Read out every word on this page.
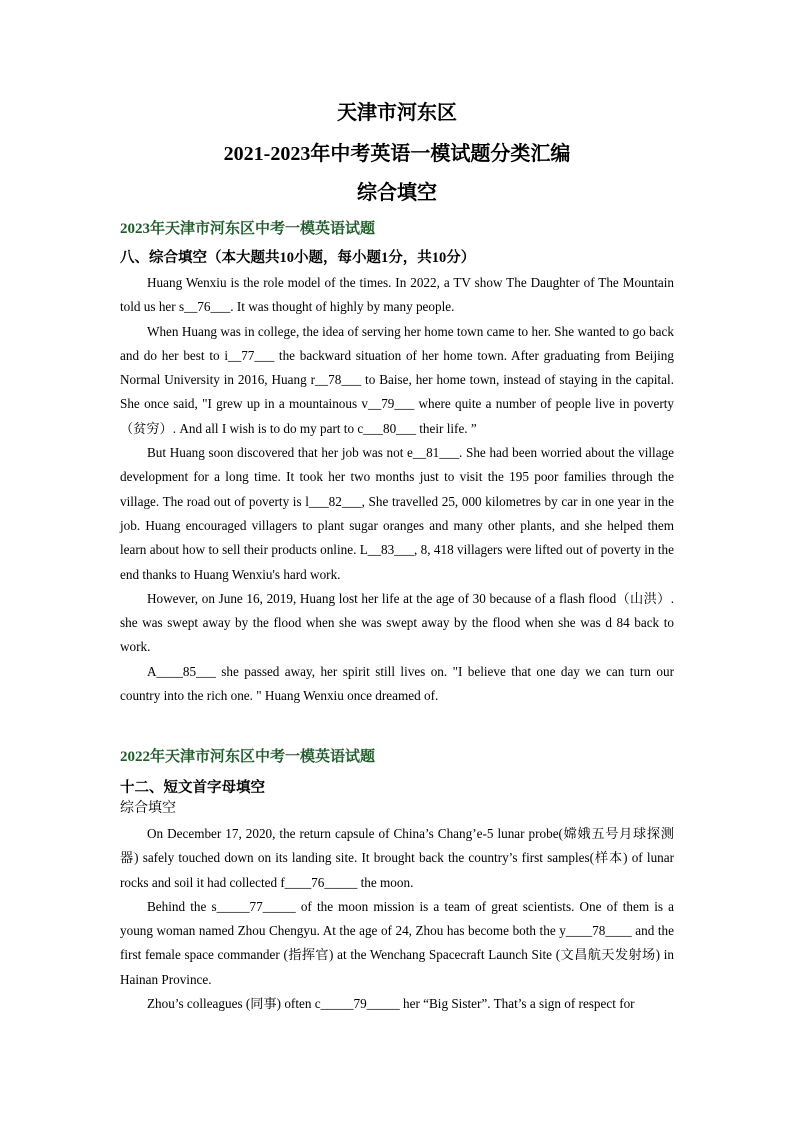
天津市河东区
2021-2023年中考英语一模试题分类汇编
综合填空
2023年天津市河东区中考一模英语试题
八、综合填空（本大题共10小题，每小题1分，共10分）
Huang Wenxiu is the role model of the times. In 2022, a TV show The Daughter of The Mountain told us her s__76___. It was thought of highly by many people.
When Huang was in college, the idea of serving her home town came to her. She wanted to go back and do her best to i__77___ the backward situation of her home town. After graduating from Beijing Normal University in 2016, Huang r__78___ to Baise, her home town, instead of staying in the capital. She once said, "I grew up in a mountainous v__79___ where quite a number of people live in poverty（贫穷）. And all I wish is to do my part to c___80___ their life. ”
But Huang soon discovered that her job was not e__81___. She had been worried about the village development for a long time. It took her two months just to visit the 195 poor families through the village. The road out of poverty is l___82___, She travelled 25, 000 kilometres by car in one year in the job. Huang encouraged villagers to plant sugar oranges and many other plants, and she helped them learn about how to sell their products online. L__83___, 8, 418 villagers were lifted out of poverty in the end thanks to Huang Wenxiu's hard work.
However, on June 16, 2019, Huang lost her life at the age of 30 because of a flash flood（山洪）. she was swept away by the flood when she was swept away by the flood when she was d 84 back to work.
A____85___ she passed away, her spirit still lives on. "I believe that one day we can turn our country into the rich one. " Huang Wenxiu once dreamed of.
2022年天津市河东区中考一模英语试题
十二、短文首字母填空
综合填空
On December 17, 2020, the return capsule of China’s Chang’e-5 lunar probe(嫦娥五号月球探测器) safely touched down on its landing site. It brought back the country’s first samples(样本) of lunar rocks and soil it had collected f____76_____ the moon.
Behind the s_____77_____ of the moon mission is a team of great scientists. One of them is a young woman named Zhou Chengyu. At the age of 24, Zhou has become both the y____78____ and the first female space commander (指挥官) at the Wenchang Spacecraft Launch Site (文昌航天发射场) in Hainan Province.
Zhou’s colleagues (同事) often c_____79_____ her “Big Sister”. That’s a sign of respect for
